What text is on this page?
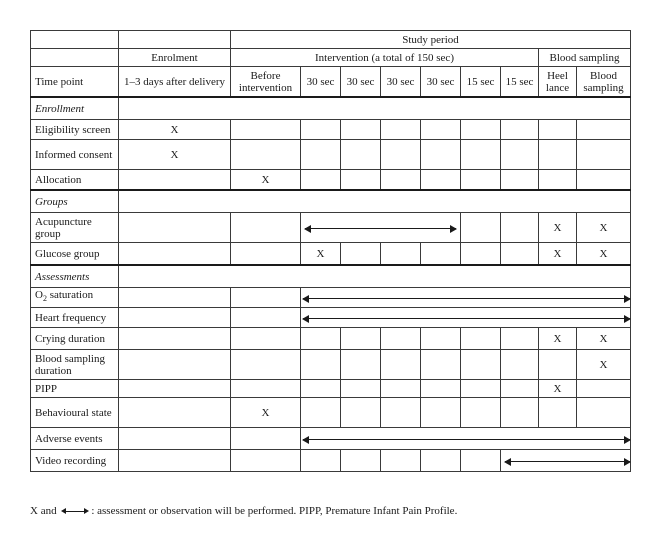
		Study period								
	Enrolment	Intervention (a total of 150 sec)							Blood sampling	
Time point	1–3 days after delivery	Before intervention	30 sec	30 sec	30 sec	30 sec	15 sec	15 sec	Heel lance	Blood sampling
Enrollment										
Eligibility screen	X									
Informed consent	X									
Allocation		X								
Groups										
Acupuncture group									X	X
Glucose group			X						X	X
Assessments										
$O_2$ saturation										

Heart frequency										

Crying duration									X	X
Blood sampling duration										X
PIPP									X	
Behavioural state		X								
Adverse events										

Video recording										
X and	: assessment or observation will be performed. PIPP, Premature Infant Pain Profile.
